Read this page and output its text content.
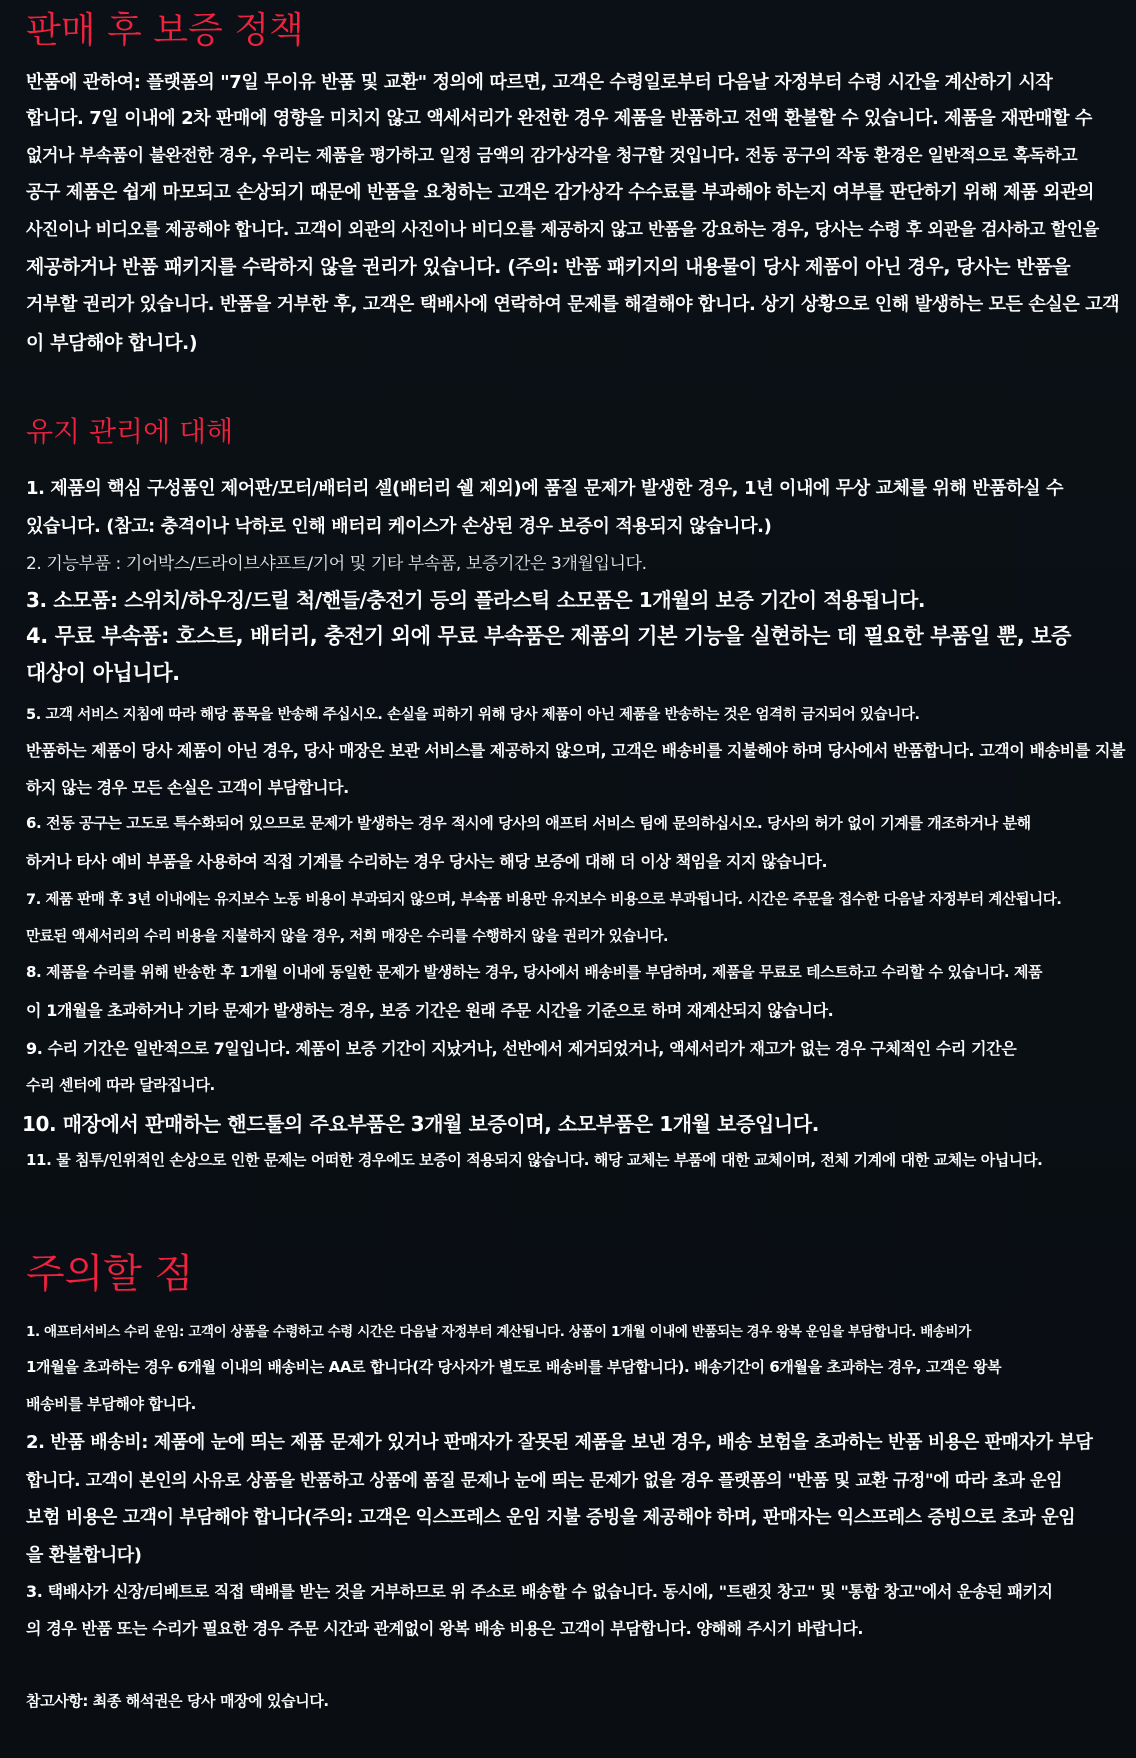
판매 후 보증 정책
반품에 관하여: 플랫폼의 "7일 무이유 반품 및 교환" 정의에 따르면, 고객은 수령일로부터 다음날 자정부터 수령 시간을 계산하기 시작
합니다. 7일 이내에 2차 판매에 영향을 미치지 않고 액세서리가 완전한 경우 제품을 반품하고 전액 환불할 수 있습니다. 제품을 재판매할 수
없거나 부속품이 불완전한 경우, 우리는 제품을 평가하고 일정 금액의 감가상각을 청구할 것입니다. 전동 공구의 작동 환경은 일반적으로 혹독하고
공구 제품은 쉽게 마모되고 손상되기 때문에 반품을 요청하는 고객은 감가상각 수수료를 부과해야 하는지 여부를 판단하기 위해 제품 외관의
사진이나 비디오를 제공해야 합니다. 고객이 외관의 사진이나 비디오를 제공하지 않고 반품을 강요하는 경우, 당사는 수령 후 외관을 검사하고 할인을
제공하거나 반품 패키지를 수락하지 않을 권리가 있습니다. (주의: 반품 패키지의 내용물이 당사 제품이 아닌 경우, 당사는 반품을
거부할 권리가 있습니다. 반품을 거부한 후, 고객은 택배사에 연락하여 문제를 해결해야 합니다. 상기 상황으로 인해 발생하는 모든 손실은 고객
이 부담해야 합니다.)
유지 관리에 대해
1. 제품의 핵심 구성품인 제어판/모터/배터리 셀(배터리 쉘 제외)에 품질 문제가 발생한 경우, 1년 이내에 무상 교체를 위해 반품하실 수
있습니다. (참고: 충격이나 낙하로 인해 배터리 케이스가 손상된 경우 보증이 적용되지 않습니다.)
2. 기능부품 : 기어박스/드라이브샤프트/기어 및 기타 부속품, 보증기간은 3개월입니다.
3. 소모품: 스위치/하우징/드릴 척/핸들/충전기 등의 플라스틱 소모품은 1개월의 보증 기간이 적용됩니다.
4. 무료 부속품: 호스트, 배터리, 충전기 외에 무료 부속품은 제품의 기본 기능을 실현하는 데 필요한 부품일 뿐, 보증
대상이 아닙니다.
5. 고객 서비스 지침에 따라 해당 품목을 반송해 주십시오. 손실을 피하기 위해 당사 제품이 아닌 제품을 반송하는 것은 엄격히 금지되어 있습니다.
반품하는 제품이 당사 제품이 아닌 경우, 당사 매장은 보관 서비스를 제공하지 않으며, 고객은 배송비를 지불해야 하며 당사에서 반품합니다. 고객이 배송비를 지불
하지 않는 경우 모든 손실은 고객이 부담합니다.
6. 전동 공구는 고도로 특수화되어 있으므로 문제가 발생하는 경우 적시에 당사의 애프터 서비스 팀에 문의하십시오. 당사의 허가 없이 기계를 개조하거나 분해
하거나 타사 예비 부품을 사용하여 직접 기계를 수리하는 경우 당사는 해당 보증에 대해 더 이상 책임을 지지 않습니다.
7. 제품 판매 후 3년 이내에는 유지보수 노동 비용이 부과되지 않으며, 부속품 비용만 유지보수 비용으로 부과됩니다. 시간은 주문을 접수한 다음날 자정부터 계산됩니다.
만료된 액세서리의 수리 비용을 지불하지 않을 경우, 저희 매장은 수리를 수행하지 않을 권리가 있습니다.
8. 제품을 수리를 위해 반송한 후 1개월 이내에 동일한 문제가 발생하는 경우, 당사에서 배송비를 부담하며, 제품을 무료로 테스트하고 수리할 수 있습니다. 제품
이 1개월을 초과하거나 기타 문제가 발생하는 경우, 보증 기간은 원래 주문 시간을 기준으로 하며 재계산되지 않습니다.
9. 수리 기간은 일반적으로 7일입니다. 제품이 보증 기간이 지났거나, 선반에서 제거되었거나, 액세서리가 재고가 없는 경우 구체적인 수리 기간은
수리 센터에 따라 달라집니다.
10. 매장에서 판매하는 핸드툴의 주요부품은 3개월 보증이며, 소모부품은 1개월 보증입니다.
11. 물 침투/인위적인 손상으로 인한 문제는 어떠한 경우에도 보증이 적용되지 않습니다. 해당 교체는 부품에 대한 교체이며, 전체 기계에 대한 교체는 아닙니다.
주의할 점
1. 애프터서비스 수리 운임: 고객이 상품을 수령하고 수령 시간은 다음날 자정부터 계산됩니다. 상품이 1개월 이내에 반품되는 경우 왕복 운임을 부담합니다. 배송비가
1개월을 초과하는 경우 6개월 이내의 배송비는 AA로 합니다(각 당사자가 별도로 배송비를 부담합니다). 배송기간이 6개월을 초과하는 경우, 고객은 왕복
배송비를 부담해야 합니다.
2. 반품 배송비: 제품에 눈에 띄는 제품 문제가 있거나 판매자가 잘못된 제품을 보낸 경우, 배송 보험을 초과하는 반품 비용은 판매자가 부담
합니다. 고객이 본인의 사유로 상품을 반품하고 상품에 품질 문제나 눈에 띄는 문제가 없을 경우 플랫폼의 "반품 및 교환 규정"에 따라 초과 운임
보험 비용은 고객이 부담해야 합니다(주의: 고객은 익스프레스 운임 지불 증빙을 제공해야 하며, 판매자는 익스프레스 증빙으로 초과 운임
을 환불합니다)
3. 택배사가 신장/티베트로 직접 택배를 받는 것을 거부하므로 위 주소로 배송할 수 없습니다. 동시에, "트랜짓 창고" 및 "통합 창고"에서 운송된 패키지
의 경우 반품 또는 수리가 필요한 경우 주문 시간과 관계없이 왕복 배송 비용은 고객이 부담합니다. 양해해 주시기 바랍니다.
참고사항: 최종 해석권은 당사 매장에 있습니다.
